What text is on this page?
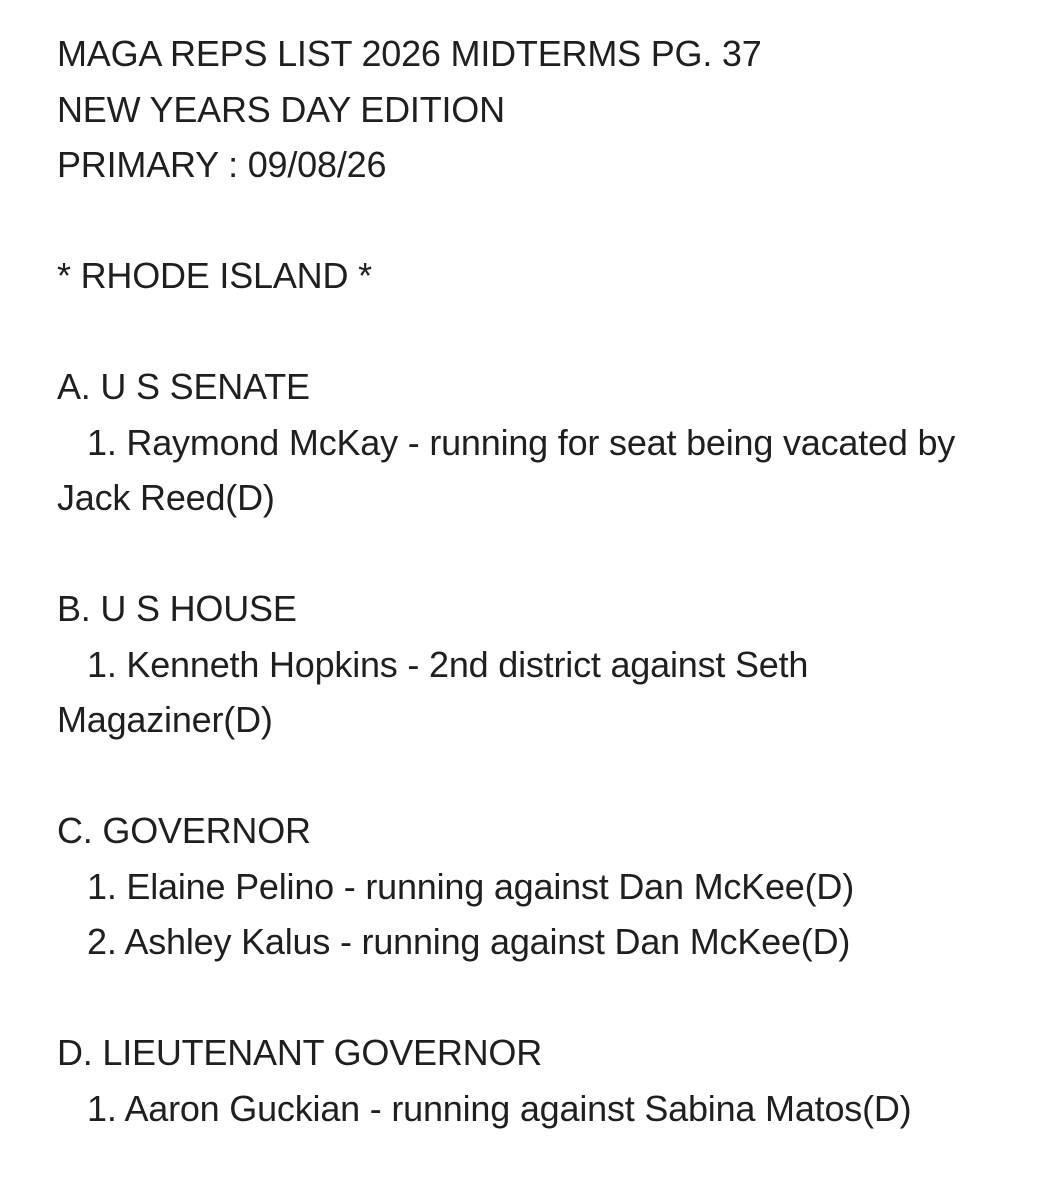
MAGA REPS LIST 2026 MIDTERMS PG. 37
NEW YEARS DAY EDITION
PRIMARY : 09/08/26
* RHODE ISLAND *
A. U S SENATE
1. Raymond McKay - running for seat being vacated by Jack Reed(D)
B. U S HOUSE
1. Kenneth Hopkins - 2nd district against Seth Magaziner(D)
C. GOVERNOR
1. Elaine Pelino - running against Dan McKee(D)
2. Ashley Kalus - running against Dan McKee(D)
D. LIEUTENANT GOVERNOR
1. Aaron Guckian - running against Sabina Matos(D)
